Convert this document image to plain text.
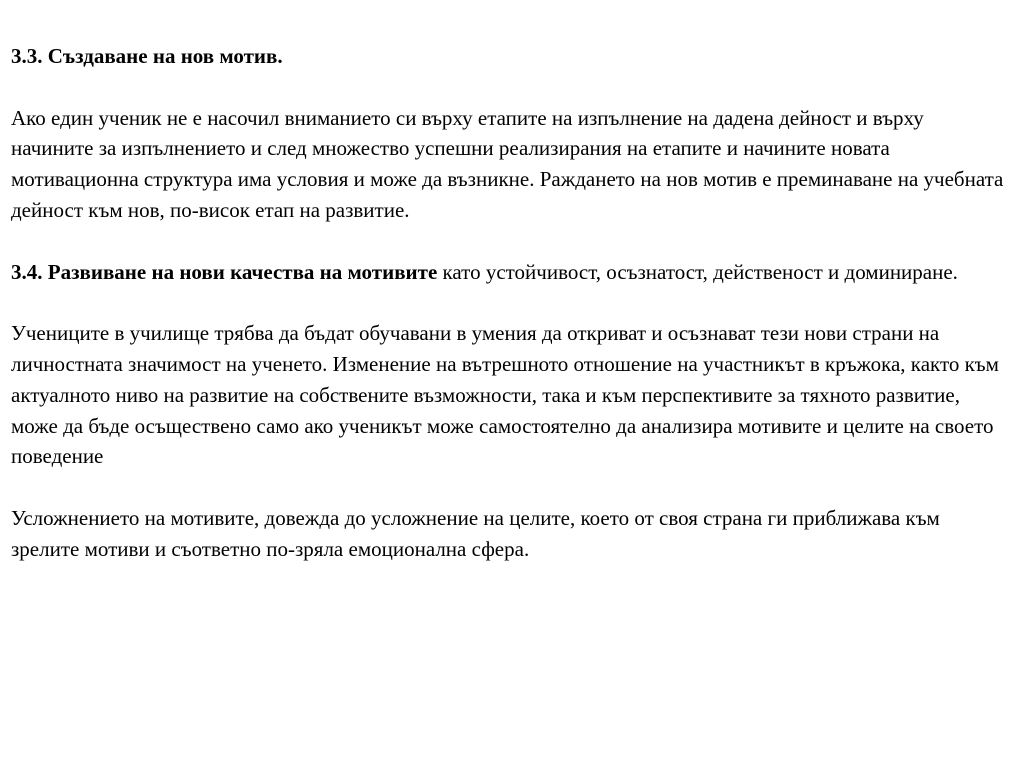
3.3. Създаване на нов мотив.

Ако един ученик не е насочил вниманието си върху етапите на изпълнение на дадена дейност и върху начините за изпълнението и след множество успешни реализирания на етапите и начините новата мотивационна структура има условия и може да възникне. Раждането на нов мотив е преминаване на учебната дейност към нов, по-висок етап на развитие.

3.4. Развиване на нови качества на мотивите като устойчивост, осъзнатост, действеност и доминиране.

Учениците в училище трябва да бъдат обучавани в умения да откриват и осъзнават тези нови страни на личностната значимост на ученето. Изменение на вътрешното отношение на участникът в кръжока, както към актуалното ниво на развитие на собствените възможности, така и към перспективите за тяхното развитие, може да бъде осъществено само ако ученикът може самостоятелно да анализира мотивите и целите на своето поведение

Усложнението на мотивите, довежда до усложнение на целите, което от своя страна ги приближава към зрелите мотиви и съответно по-зряла емоционална сфера.
